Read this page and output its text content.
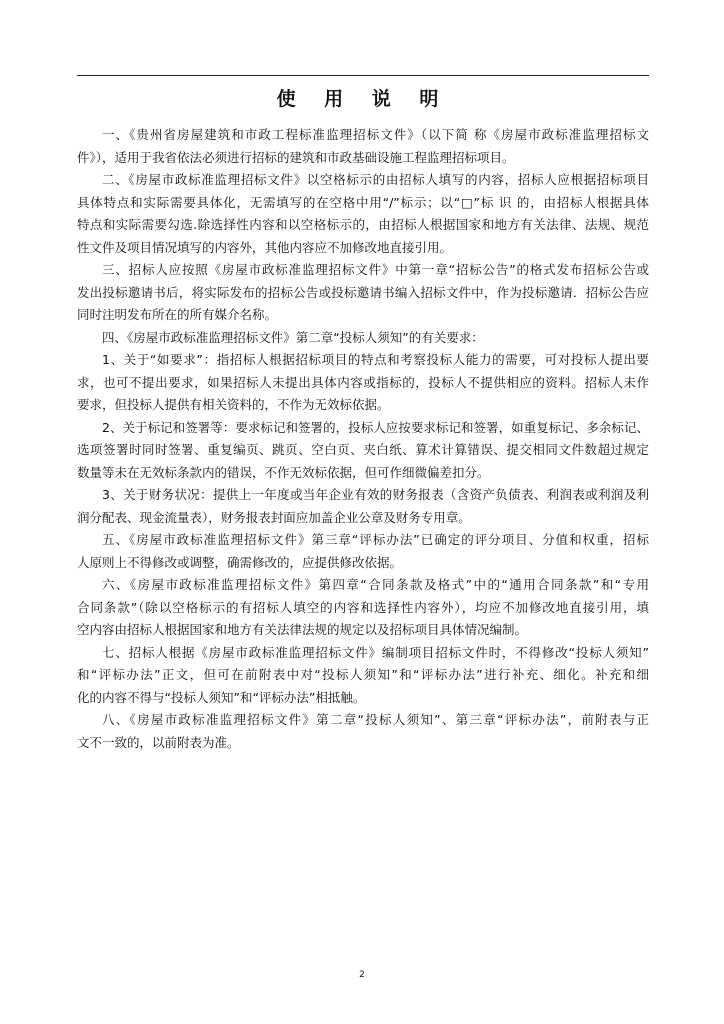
使 用 说 明

一、《贵州省房屋建筑和市政工程标准监理招标文件》（以下简 称《房屋市政标准监理招标文
件》），适用于我省依法必须进行招标的建筑和市政基础设施工程监理招标项目。

二、《房屋市政标准监理招标文件》以空格标示的由招标人填写的内容，招标人应根据招标项目
具体特点和实际需要具体化，无需填写的在空格中用“/”标示；以“□”标 识 的，由招标人根据具体
特点和实际需要勾选.除选择性内容和以空格标示的，由招标人根据国家和地方有关法律、法规、规范
性文件及项目情况填写的内容外，其他内容应不加修改地直接引用。

三、招标人应按照《房屋市政标准监理招标文件》中第一章“招标公告”的格式发布招标公告或
发出投标邀请书后，将实际发布的招标公告或投标邀请书编入招标文件中，作为投标邀请．招标公告应
同时注明发布所在的所有媒介名称。

四、《房屋市政标准监理招标文件》第二章“投标人须知”的有关要求：

1、关于“如要求”：指招标人根据招标项目的特点和考察投标人能力的需要，可对投标人提出要
求，也可不提出要求，如果招标人未提出具体内容或指标的，投标人不提供相应的资料。招标人未作
要求，但投标人提供有相关资料的，不作为无效标依据。

2、关于标记和签署等：要求标记和签署的，投标人应按要求标记和签署，如重复标记、多余标记、
选项签署时同时签署、重复编页、跳页、空白页、夹白纸、算术计算错误、提交相同文件数超过规定
数量等未在无效标条款内的错误，不作无效标依据，但可作细微偏差扣分。

3、关于财务状况：提供上一年度或当年企业有效的财务报表（含资产负债表、利润表或利润及利
润分配表、现金流量表），财务报表封面应加盖企业公章及财务专用章。

五、《房屋市政标准监理招标文件》第三章“评标办法”已确定的评分项目、分值和权重，招标
人原则上不得修改或调整，确需修改的，应提供修改依据。

六、《房屋市政标准监理招标文件》第四章“合同条款及格式”中的“通用合同条款”和“专用
合同条款”（除以空格标示的有招标人填空的内容和选择性内容外），均应不加修改地直接引用，填
空内容由招标人根据国家和地方有关法律法规的规定以及招标项目具体情况编制。

七、招标人根据《房屋市政标准监理招标文件》编制项目招标文件时，不得修改“投标人须知”
和“评标办法”正文，但可在前附表中对“投标人须知”和“评标办法”进行补充、细化。补充和细
化的内容不得与“投标人须知”和“评标办法”相抵触。

八、《房屋市政标准监理招标文件》第二章“投标人须知”、第三章“评标办法”，前附表与正
文不一致的，以前附表为准。

2
